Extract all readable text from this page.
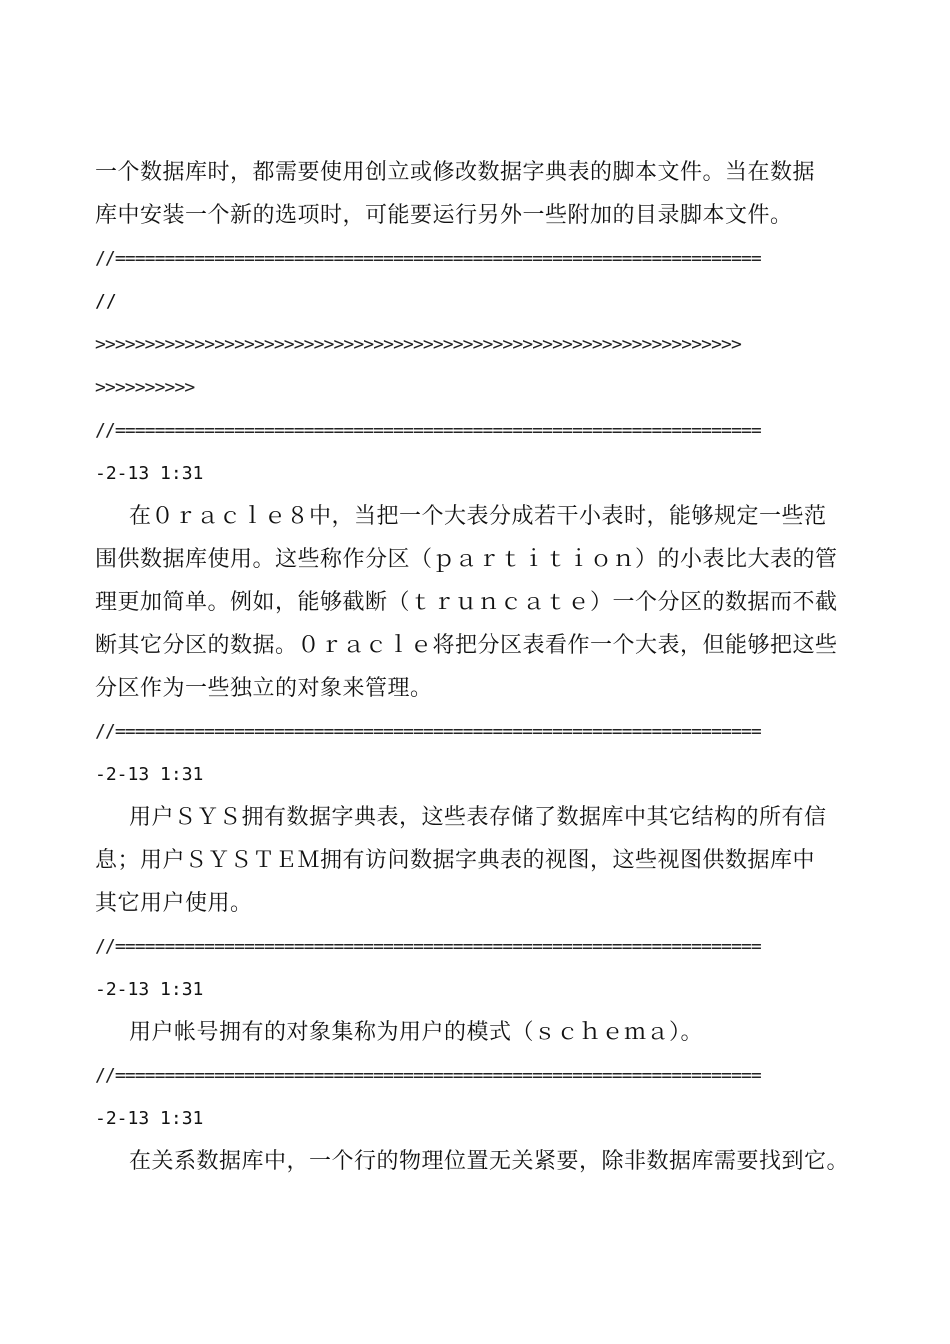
一个数据库时，都需要使用创立或修改数据字典表的脚本文件。当在数据
库中安装一个新的选项时，可能要运行另外一些附加的目录脚本文件。
//=================================================================
//
>>>>>>>>>>>>>>>>>>>>>>>>>>>>>>>>>>>>>>>>>>>>>>>>>>>>>>>>>>>>>>>>>
>>>>>>>>>>
//=================================================================
-2-13 1:31
在０ｒａｃｌｅ８中，当把一个大表分成若干小表时，能够规定一些范
围供数据库使用。这些称作分区（ｐａｒｔｉｔｉｏｎ）的小表比大表的管
理更加简单。例如，能够截断（ｔｒｕｎｃａｔｅ）一个分区的数据而不截
断其它分区的数据。０ｒａｃｌｅ将把分区表看作一个大表，但能够把这些
分区作为一些独立的对象来管理。
//=================================================================
-2-13 1:31
用户ＳＹＳ拥有数据字典表，这些表存储了数据库中其它结构的所有信
息；用户ＳＹＳＴＥＭ拥有访问数据字典表的视图，这些视图供数据库中
其它用户使用。
//=================================================================
-2-13 1:31
用户帐号拥有的对象集称为用户的模式（ｓｃｈｅｍａ）。
//=================================================================
-2-13 1:31
在关系数据库中，一个行的物理位置无关紧要，除非数据库需要找到它。
